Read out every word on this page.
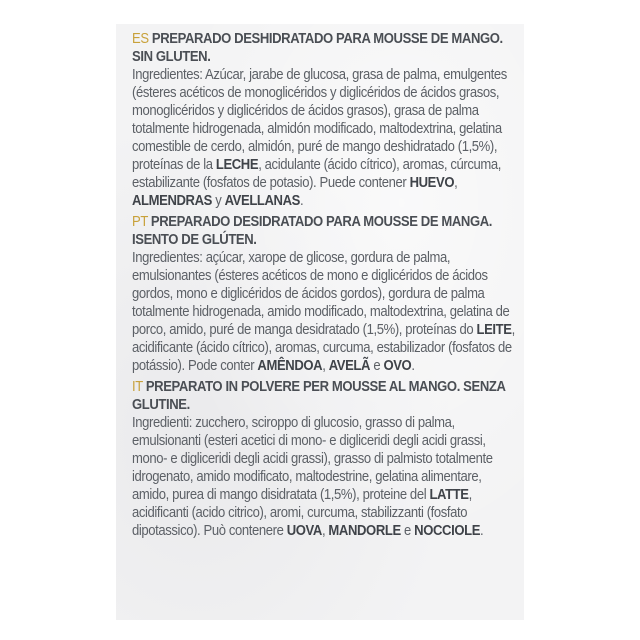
ES PREPARADO DESHIDRATADO PARA MOUSSE DE MANGO. SIN GLUTEN.
Ingredientes: Azúcar, jarabe de glucosa, grasa de palma, emulgentes (ésteres acéticos de monoglicéridos y diglicéridos de ácidos grasos, monoglicéridos y diglicéridos de ácidos grasos), grasa de palma totalmente hidrogenada, almidón modificado, maltodextrina, gelatina comestible de cerdo, almidón, puré de mango deshidratado (1,5%), proteínas de la LECHE, acidulante (ácido cítrico), aromas, cúrcuma, estabilizante (fosfatos de potasio). Puede contener HUEVO, ALMENDRAS y AVELLANAS.
PT PREPARADO DESIDRATADO PARA MOUSSE DE MANGA. ISENTO DE GLÚTEN.
Ingredientes: açúcar, xarope de glicose, gordura de palma, emulsionantes (ésteres acéticos de mono e diglicéridos de ácidos gordos, mono e diglicéridos de ácidos gordos), gordura de palma totalmente hidrogenada, amido modificado, maltodextrina, gelatina de porco, amido, puré de manga desidratado (1,5%), proteínas do LEITE, acidificante (ácido cítrico), aromas, curcuma, estabilizador (fosfatos de potássio). Pode conter AMÊNDOA, AVELÃ e OVO.
IT PREPARATO IN POLVERE PER MOUSSE AL MANGO. SENZA GLUTINE.
Ingredienti: zucchero, sciroppo di glucosio, grasso di palma, emulsionanti (esteri acetici di mono- e digliceridi degli acidi grassi, mono- e digliceridi degli acidi grassi), grasso di palmisto totalmente idrogenato, amido modificato, maltodestrine, gelatina alimentare, amido, purea di mango disidratata (1,5%), proteine del LATTE, acidificanti (acido citrico), aromi, curcuma, stabilizzanti (fosfato dipotassico). Può contenere UOVA, MANDORLE e NOCCIOLE.
